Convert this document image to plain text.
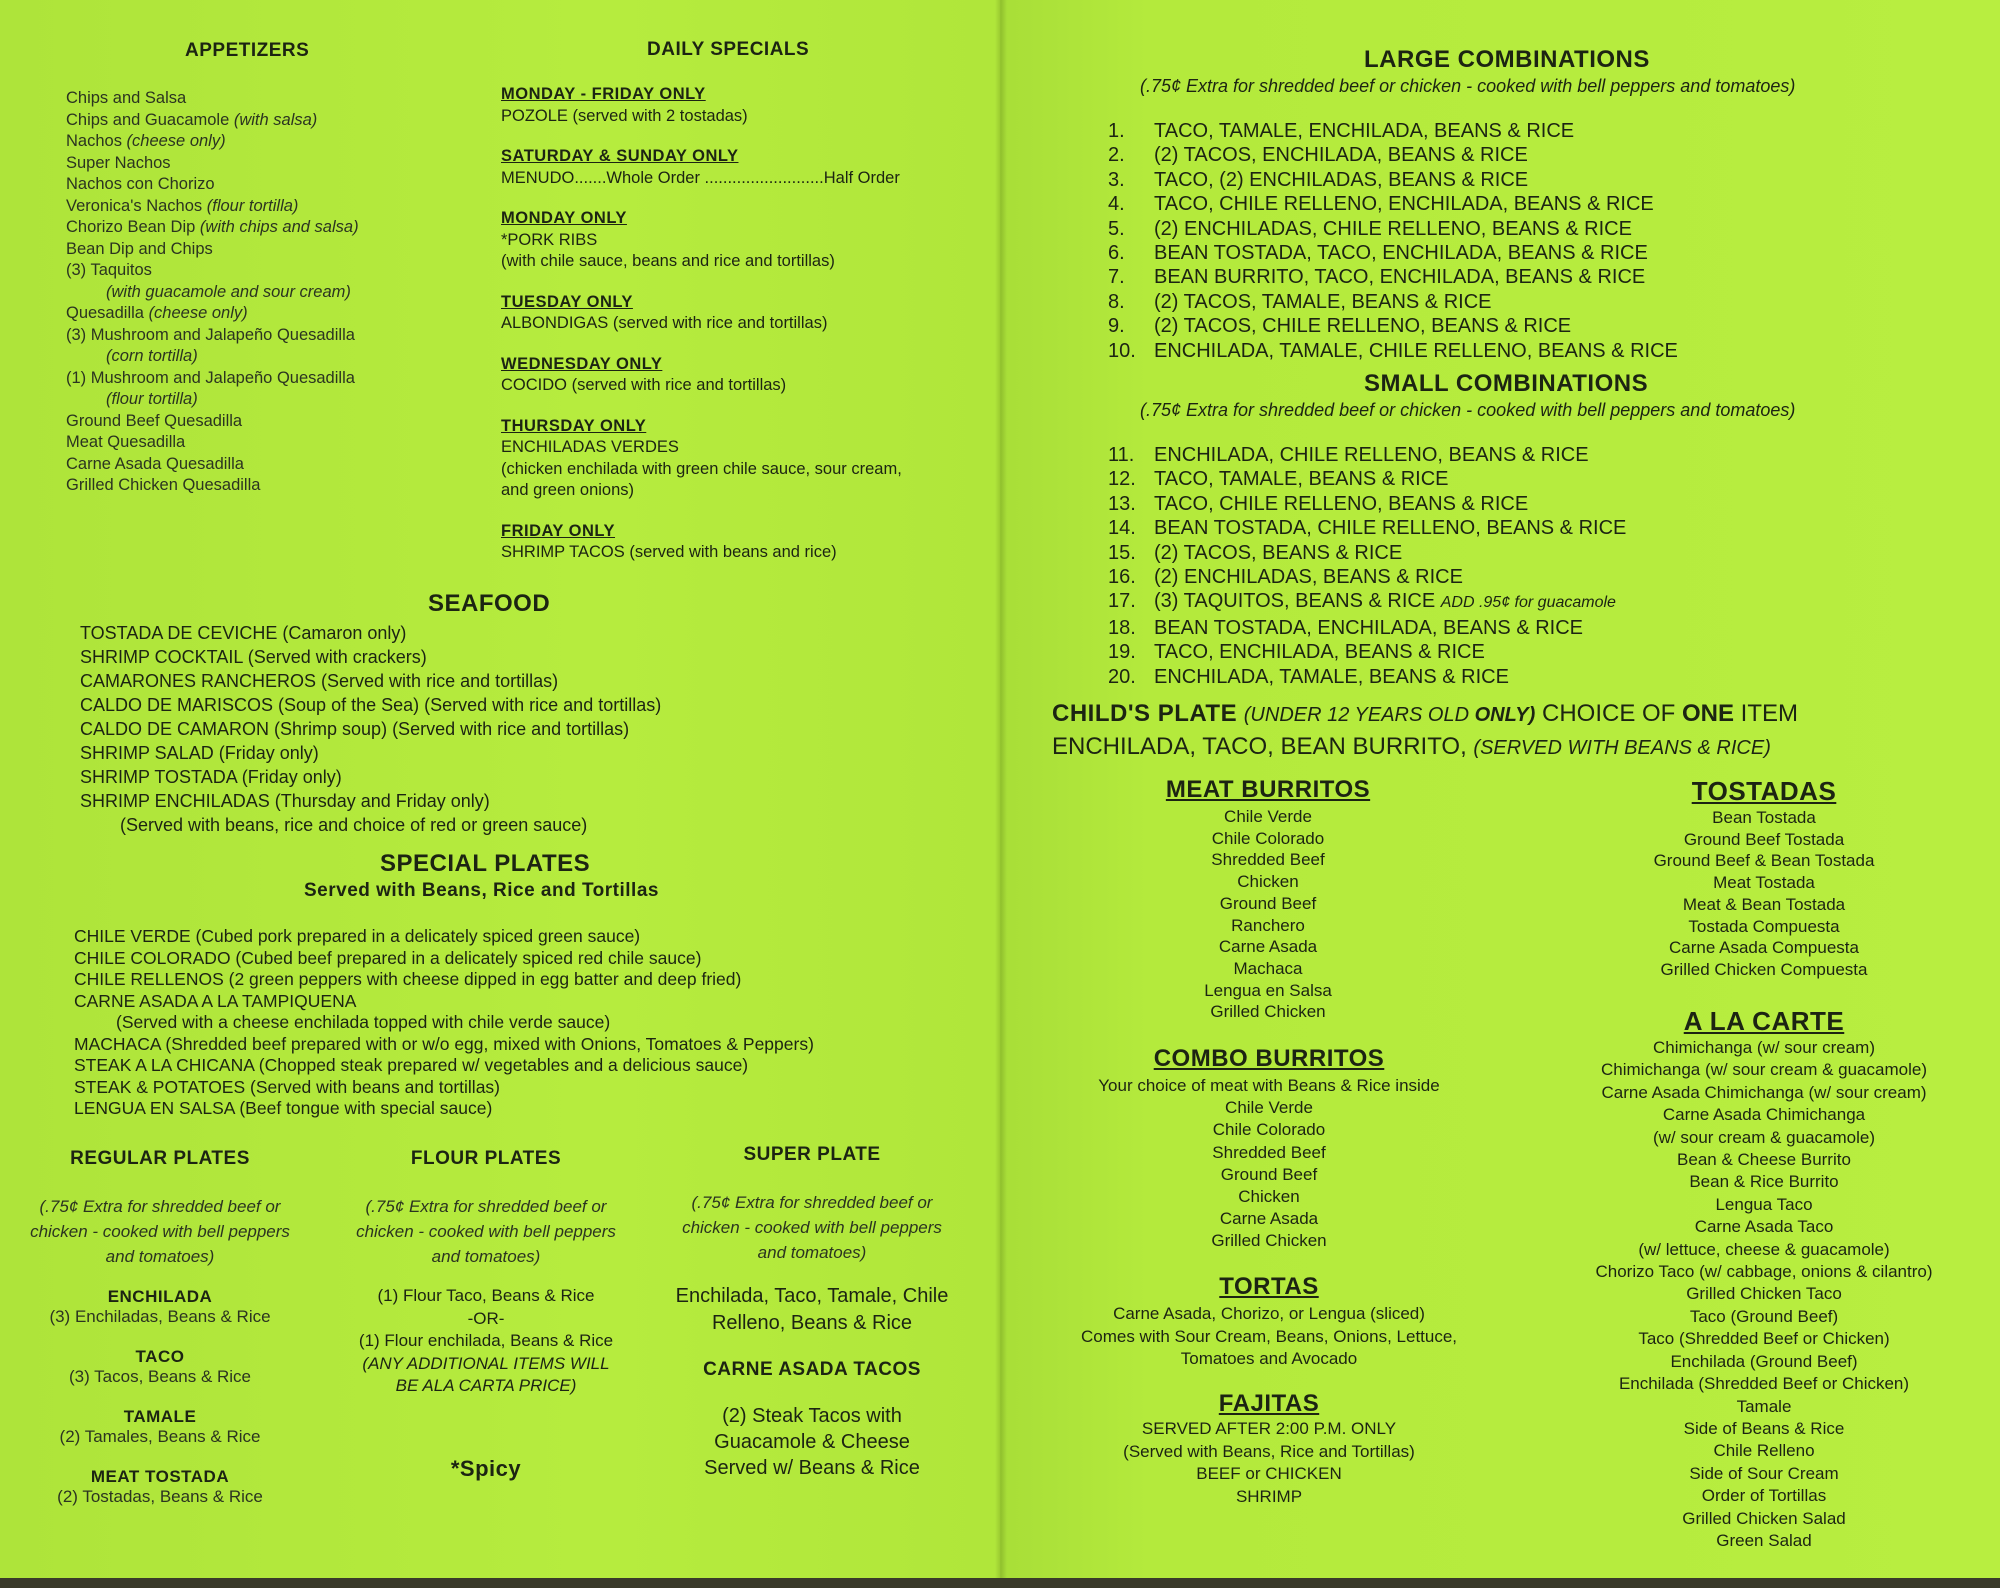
APPETIZERS
Chips and Salsa
Chips and Guacamole (with salsa)
Nachos (cheese only)
Super Nachos
Nachos con Chorizo
Veronica's Nachos (flour tortilla)
Chorizo Bean Dip (with chips and salsa)
Bean Dip and Chips
(3) Taquitos
(with guacamole and sour cream)
Quesadilla (cheese only)
(3) Mushroom and Jalapeño Quesadilla
(corn tortilla)
(1) Mushroom and Jalapeño Quesadilla
(flour tortilla)
Ground Beef Quesadilla
Meat Quesadilla
Carne Asada Quesadilla
Grilled Chicken Quesadilla
DAILY SPECIALS
MONDAY - FRIDAY ONLY
POZOLE (served with 2 tostadas)
SATURDAY & SUNDAY ONLY
MENUDO.......Whole Order ..........................Half Order
MONDAY ONLY
*PORK RIBS
(with chile sauce, beans and rice and tortillas)
TUESDAY ONLY
ALBONDIGAS (served with rice and tortillas)
WEDNESDAY ONLY
COCIDO (served with rice and tortillas)
THURSDAY ONLY
ENCHILADAS VERDES
(chicken enchilada with green chile sauce, sour cream,
and green onions)
FRIDAY ONLY
SHRIMP TACOS (served with beans and rice)
SEAFOOD
TOSTADA DE CEVICHE (Camaron only)
SHRIMP COCKTAIL (Served with crackers)
CAMARONES RANCHEROS (Served with rice and tortillas)
CALDO DE MARISCOS (Soup of the Sea) (Served with rice and tortillas)
CALDO DE CAMARON (Shrimp soup) (Served with rice and tortillas)
SHRIMP SALAD (Friday only)
SHRIMP TOSTADA (Friday only)
SHRIMP ENCHILADAS (Thursday and Friday only)
(Served with beans, rice and choice of red or green sauce)
SPECIAL PLATES
Served with Beans, Rice and Tortillas
CHILE VERDE (Cubed pork prepared in a delicately spiced green sauce)
CHILE COLORADO (Cubed beef prepared in a delicately spiced red chile sauce)
CHILE RELLENOS (2 green peppers with cheese dipped in egg batter and deep fried)
CARNE ASADA A LA TAMPIQUENA
(Served with a cheese enchilada topped with chile verde sauce)
MACHACA (Shredded beef prepared with or w/o egg, mixed with Onions, Tomatoes & Peppers)
STEAK A LA CHICANA (Chopped steak prepared w/ vegetables and a delicious sauce)
STEAK & POTATOES (Served with beans and tortillas)
LENGUA EN SALSA (Beef tongue with special sauce)
REGULAR PLATES
(.75¢ Extra for shredded beef or
chicken - cooked with bell peppers
and tomatoes)
ENCHILADA
(3) Enchiladas, Beans & Rice
TACO
(3) Tacos, Beans & Rice
TAMALE
(2) Tamales, Beans & Rice
MEAT TOSTADA
(2) Tostadas, Beans & Rice
FLOUR PLATES
(.75¢ Extra for shredded beef or
chicken - cooked with bell peppers
and tomatoes)
(1) Flour Taco, Beans & Rice
-OR-
(1) Flour enchilada, Beans & Rice
(ANY ADDITIONAL ITEMS WILL
BE ALA CARTA PRICE)
*Spicy
SUPER PLATE
(.75¢ Extra for shredded beef or
chicken - cooked with bell peppers
and tomatoes)
Enchilada, Taco, Tamale, Chile
Relleno, Beans & Rice
CARNE ASADA TACOS
(2) Steak Tacos with
Guacamole & Cheese
Served w/ Beans & Rice
LARGE COMBINATIONS
(.75¢ Extra for shredded beef or chicken - cooked with bell peppers and tomatoes)
1. TACO, TAMALE, ENCHILADA, BEANS & RICE
2. (2) TACOS, ENCHILADA, BEANS & RICE
3. TACO, (2) ENCHILADAS, BEANS & RICE
4. TACO, CHILE RELLENO, ENCHILADA, BEANS & RICE
5. (2) ENCHILADAS, CHILE RELLENO, BEANS & RICE
6. BEAN TOSTADA, TACO, ENCHILADA, BEANS & RICE
7. BEAN BURRITO, TACO, ENCHILADA, BEANS & RICE
8. (2) TACOS, TAMALE, BEANS & RICE
9. (2) TACOS, CHILE RELLENO, BEANS & RICE
10. ENCHILADA, TAMALE, CHILE RELLENO, BEANS & RICE
SMALL COMBINATIONS
(.75¢ Extra for shredded beef or chicken - cooked with bell peppers and tomatoes)
11. ENCHILADA, CHILE RELLENO, BEANS & RICE
12. TACO, TAMALE, BEANS & RICE
13. TACO, CHILE RELLENO, BEANS & RICE
14. BEAN TOSTADA, CHILE RELLENO, BEANS & RICE
15. (2) TACOS, BEANS & RICE
16. (2) ENCHILADAS, BEANS & RICE
17. (3) TAQUITOS, BEANS & RICE ADD .95¢ for guacamole
18. BEAN TOSTADA, ENCHILADA, BEANS & RICE
19. TACO, ENCHILADA, BEANS & RICE
20. ENCHILADA, TAMALE, BEANS & RICE
CHILD'S PLATE (UNDER 12 YEARS OLD ONLY) CHOICE OF ONE ITEM
ENCHILADA, TACO, BEAN BURRITO, (SERVED WITH BEANS & RICE)
MEAT BURRITOS
Chile Verde
Chile Colorado
Shredded Beef
Chicken
Ground Beef
Ranchero
Carne Asada
Machaca
Lengua en Salsa
Grilled Chicken
TOSTADAS
Bean Tostada
Ground Beef Tostada
Ground Beef & Bean Tostada
Meat Tostada
Meat & Bean Tostada
Tostada Compuesta
Carne Asada Compuesta
Grilled Chicken Compuesta
COMBO BURRITOS
Your choice of meat with Beans & Rice inside
Chile Verde
Chile Colorado
Shredded Beef
Ground Beef
Chicken
Carne Asada
Grilled Chicken
TORTAS
Carne Asada, Chorizo, or Lengua (sliced)
Comes with Sour Cream, Beans, Onions, Lettuce,
Tomatoes and Avocado
FAJITAS
SERVED AFTER 2:00 P.M. ONLY
(Served with Beans, Rice and Tortillas)
BEEF or CHICKEN
SHRIMP
A LA CARTE
Chimichanga (w/ sour cream)
Chimichanga (w/ sour cream & guacamole)
Carne Asada Chimichanga (w/ sour cream)
Carne Asada Chimichanga
(w/ sour cream & guacamole)
Bean & Cheese Burrito
Bean & Rice Burrito
Lengua Taco
Carne Asada Taco
(w/ lettuce, cheese & guacamole)
Chorizo Taco (w/ cabbage, onions & cilantro)
Grilled Chicken Taco
Taco (Ground Beef)
Taco (Shredded Beef or Chicken)
Enchilada (Ground Beef)
Enchilada (Shredded Beef or Chicken)
Tamale
Side of Beans & Rice
Chile Relleno
Side of Sour Cream
Order of Tortillas
Grilled Chicken Salad
Green Salad
